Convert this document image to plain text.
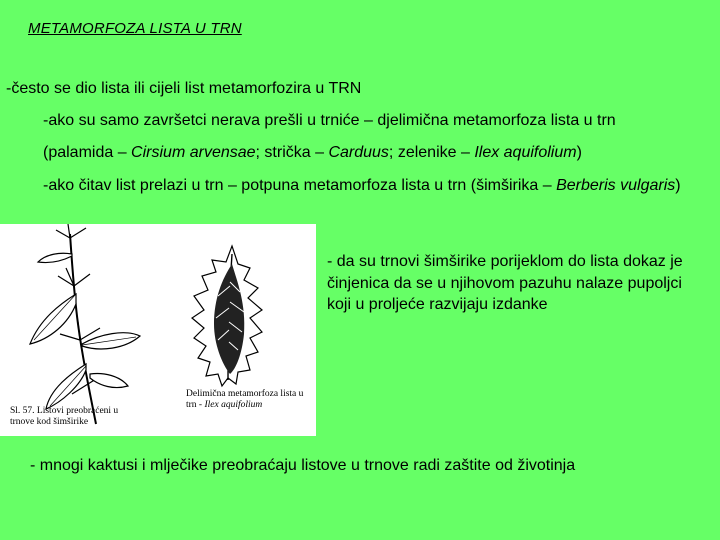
METAMORFOZA LISTA U TRN
-često se dio lista ili cijeli list metamorfozira u TRN
-ako su samo završetci nerava prešli u trniće – djelimična metamorfoza lista u trn
(palamida – Cirsium arvensae; strička – Carduus; zelenike – Ilex aquifolium)
-ako čitav list prelazi u trn – potpuna metamorfoza lista u trn (šimširika – Berberis vulgaris)
Delimična metamorfoza lista u trn - Ilex aquifolium
Sl. 57. Listovi preobraćeni u trnove kod šimširike
- da su trnovi šimširike porijeklom do lista dokaz je činjenica da se u njihovom pazuhu nalaze pupoljci koji u proljeće razvijaju izdanke
- mnogi kaktusi i mlječike preobraćaju listove u trnove radi zaštite od životinja
